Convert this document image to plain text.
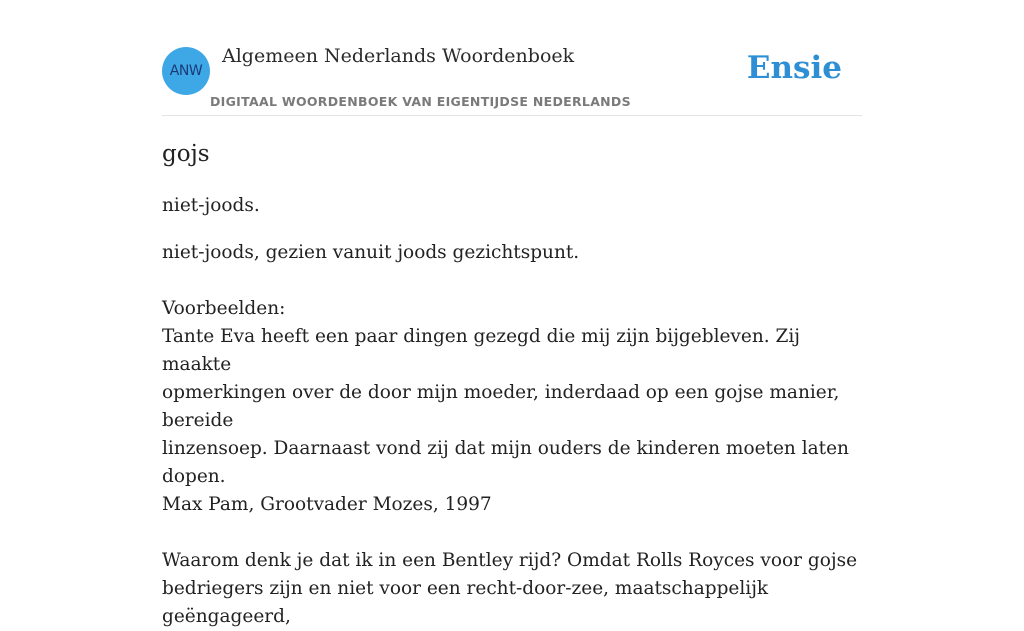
ANW
Algemeen Nederlands Woordenboek
DIGITAAL WOORDENBOEK VAN EIGENTIJDSE NEDERLANDS
Ensie
gojs
niet-joods.
niet-joods, gezien vanuit joods gezichtspunt.
Voorbeelden:

Tante Eva heeft een paar dingen gezegd die mij zijn bijgebleven. Zij maakte

opmerkingen over de door mijn moeder, inderdaad op een gojse manier, bereide

linzensoep. Daarnaast vond zij dat mijn ouders de kinderen moeten laten dopen.

Max Pam, Grootvader Mozes, 1997

Waarom denk je dat ik in een Bentley rijd? Omdat Rolls Royces voor gojse

bedriegers zijn en niet voor een recht-door-zee, maatschappelijk geëngageerd,
